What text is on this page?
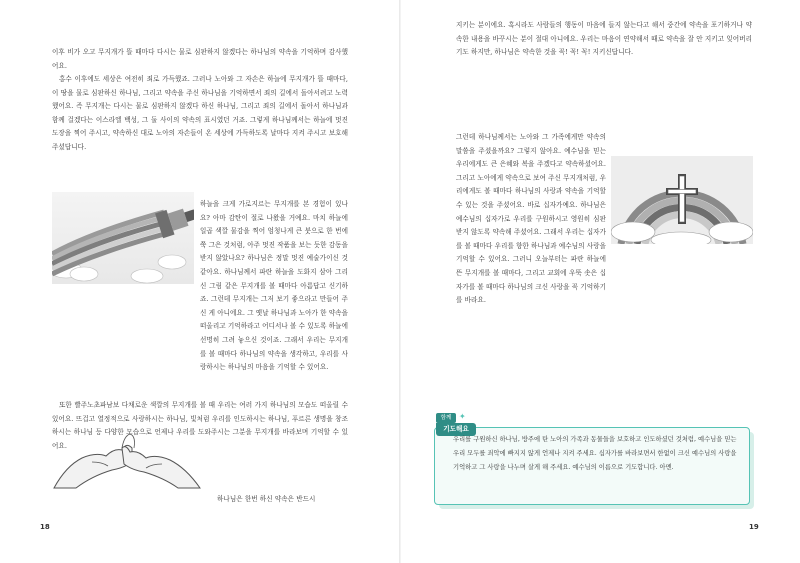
이후 비가 오고 무지개가 뜰 때마다 다시는 물로 심판하지 않겠다는 하나님의 약속을 기억하며 감사했어요.

홍수 이후에도 세상은 여전히 죄로 가득했죠. 그러나 노아와 그 자손은 하늘에 무지개가 뜰 때마다, 이 땅을 물로 심판하신 하나님, 그리고 약속을 주신 하나님을 기억하면서 죄의 길에서 돌아서려고 노력했어요. 즉 무지개는 다시는 물로 심판하지 않겠다 하신 하나님, 그리고 죄의 길에서 돌아서 하나님과 함께 걸겠다는 이스라엘 백성, 그 둘 사이의 약속의 표시였던 거죠. 그렇게 하나님께서는 하늘에 멋진 도장을 찍어 주시고, 약속하신 대로 노아의 자손들이 온 세상에 가득하도록 날마다 지켜 주시고 보호해 주셨답니다.

하늘을 크게 가로지르는 무지개를 본 경험이 있나요? 아마 감탄이 절로 나왔을 거예요. 마치 하늘에 일곱 색깔 물감을 찍어 엄청나게 큰 붓으로 한 번에 쭉 그은 것처럼, 아주 멋진 작품을 보는 듯한 감동을 받지 않았나요? 하나님은 정말 멋진 예술가이신 것 같아요. 하나님께서 파란 하늘을 도화지 삼아 그리신 그림 같은 무지개를 볼 때마다 아름답고 신기하죠. 그런데 무지개는 그저 보기 좋으라고 만들어 주신 게 아니에요. 그 옛날 하나님과 노아가 한 약속을 떠올리고 기억하라고 어디서나 볼 수 있도록 하늘에 선명히 그려 놓으신 것이죠. 그래서 우리는 무지개를 볼 때마다 하나님의 약속을 생각하고, 우리를 사랑하시는 하나님의 마음을 기억할 수 있어요.

또한 빨주노초파남보 다채로운 색깔의 무지개를 볼 때 우리는 여러 가지 하나님의 모습도 떠올릴 수 있어요. 뜨겁고 열정적으로 사랑하시는 하나님, 빛처럼 우리를 인도하시는 하나님, 푸르른 생명을 창조하시는 하나님 등 다양한 모습으로 언제나 우리를 도와주시는 그분을 무지개를 바라보며 기억할 수 있어요.

하나님은 한번 하신 약속은 반드시

18

지키는 분이에요. 혹시라도 사람들의 행동이 마음에 들지 않는다고 해서 중간에 약속을 포기하거나 약속한 내용을 바꾸시는 분이 절대 아니에요. 우리는 마음이 연약해서 때로 약속을 잘 안 지키고 잊어버리기도 하지만, 하나님은 약속한 것을 꼭! 꼭! 꼭! 지키신답니다.

그런데 하나님께서는 노아와 그 가족에게만 약속의 말씀을 주셨을까요? 그렇지 않아요. 예수님을 믿는 우리에게도 큰 은혜와 복을 주겠다고 약속하셨어요. 그리고 노아에게 약속으로 보여 주신 무지개처럼, 우리에게도 볼 때마다 하나님의 사랑과 약속을 기억할 수 있는 것을 주셨어요. 바로 십자가예요. 하나님은 예수님의 십자가로 우리를 구원하시고 영원히 심판받지 않도록 약속해 주셨어요. 그래서 우리는 십자가를 볼 때마다 우리를 향한 하나님과 예수님의 사랑을 기억할 수 있어요. 그러니 오늘부터는 파란 하늘에 뜬 무지개를 볼 때마다, 그리고 교회에 우뚝 솟은 십자가를 볼 때마다 하나님의 크신 사랑을 꼭 기억하기를 바라요.

함께
기도해요
✦

우리를 구원하신 하나님, 방주에 탄 노아의 가족과 동물들을 보호하고 인도하셨던 것처럼, 예수님을 믿는 우리 모두를 죄악에 빠지지 않게 언제나 지켜 주세요. 십자가를 바라보면서 한없이 크신 예수님의 사랑을 기억하고 그 사랑을 나누며 살게 해 주세요. 예수님의 이름으로 기도합니다. 아멘.

19
